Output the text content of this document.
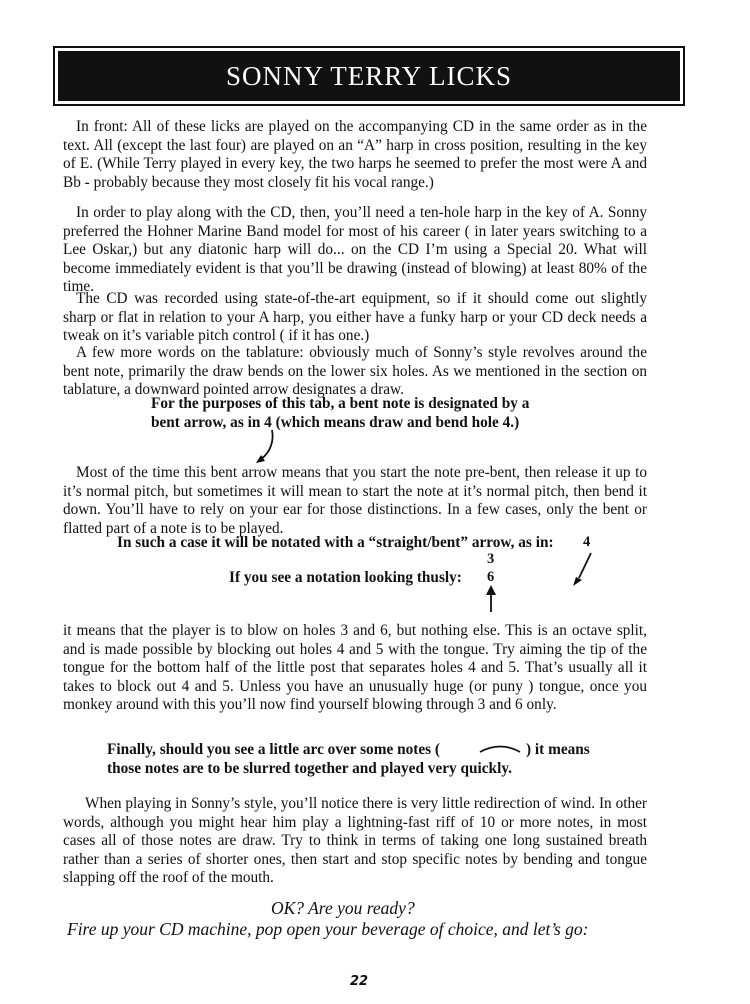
SONNY TERRY LICKS

In front: All of these licks are played on the accompanying CD in the same order as in the text. All (except the last four) are played on an “A” harp in cross position, resulting in the key of E. (While Terry played in every key, the two harps he seemed to prefer the most were A and Bb - probably because they most closely fit his vocal range.)

In order to play along with the CD, then, you’ll need a ten-hole harp in the key of A. Sonny preferred the Hohner Marine Band model for most of his career ( in later years switching to a Lee Oskar,) but any diatonic harp will do... on the CD I’m using a Special 20. What will become immediately evident is that you’ll be drawing (instead of blowing) at least 80% of the time.

The CD was recorded using state-of-the-art equipment, so if it should come out slightly sharp or flat in relation to your A harp, you either have a funky harp or your CD deck needs a tweak on it’s variable pitch control ( if it has one.)

A few more words on the tablature: obviously much of Sonny’s style revolves around the bent note, primarily the draw bends on the lower six holes. As we mentioned in the section on tablature, a downward pointed arrow designates a draw.

For the purposes of this tab, a bent note is designated by a

bent arrow, as in 4 (which means draw and bend hole 4.)

Most of the time this bent arrow means that you start the note pre-bent, then release it up to it’s normal pitch, but sometimes it will mean to start the note at it’s normal pitch, then bend it down. You’ll have to rely on your ear for those distinctions. In a few cases, only the bent or flatted part of a note is to be played.

In such a case it will be notated with a “straight/bent” arrow, as in: 4
3

If you see a notation looking thusly: 6

it means that the player is to blow on holes 3 and 6, but nothing else. This is an octave split, and is made possible by blocking out holes 4 and 5 with the tongue. Try aiming the tip of the tongue for the bottom half of the little post that separates holes 4 and 5. That’s usually all it takes to block out 4 and 5. Unless you have an unusually huge (or puny ) tongue, once you monkey around with this you’ll now find yourself blowing through 3 and 6 only.

Finally, should you see a little arc over some notes (	) it means

those notes are to be slurred together and played very quickly.

When playing in Sonny’s style, you’ll notice there is very little redirection of wind. In other words, although you might hear him play a lightning-fast riff of 10 or more notes, in most cases all of those notes are draw. Try to think in terms of taking one long sustained breath rather than a series of shorter ones, then start and stop specific notes by bending and tongue slapping off the roof of the mouth.

OK? Are you ready?

Fire up your CD machine, pop open your beverage of choice, and let’s go:

22
